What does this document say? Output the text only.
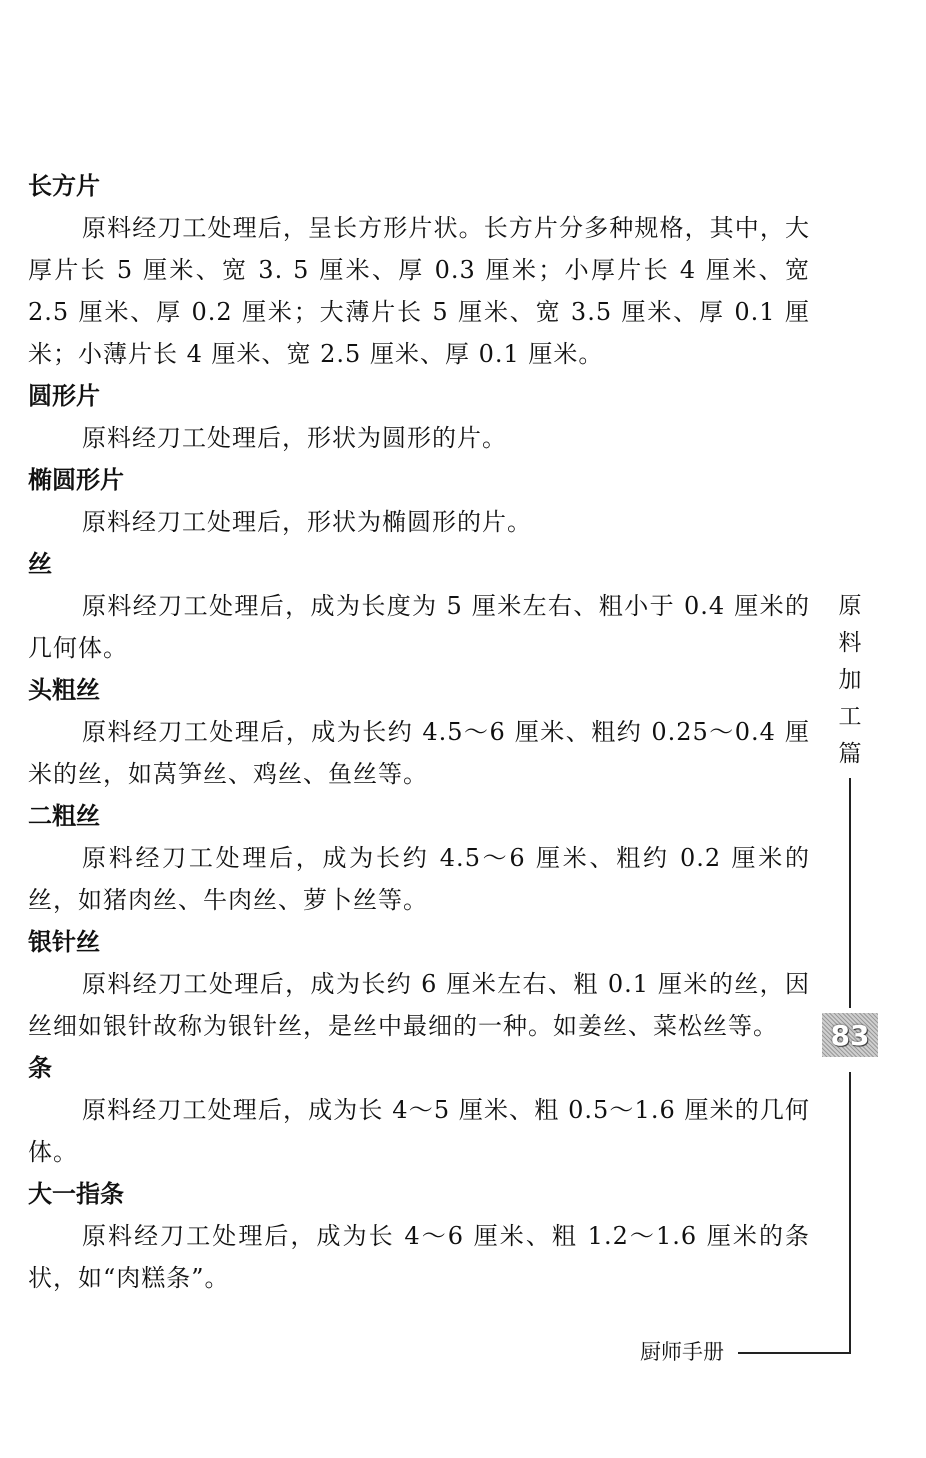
长方片

原料经刀工处理后，呈长方形片状。长方片分多种规格，其中，大厚片长 5 厘米、宽 3. 5 厘米、厚 0.3 厘米；小厚片长 4 厘米、宽 2.5 厘米、厚 0.2 厘米；大薄片长 5 厘米、宽 3.5 厘米、厚 0.1 厘米；小薄片长 4 厘米、宽 2.5 厘米、厚 0.1 厘米。

圆形片

原料经刀工处理后，形状为圆形的片。

椭圆形片

原料经刀工处理后，形状为椭圆形的片。

丝

原料经刀工处理后，成为长度为 5 厘米左右、粗小于 0.4 厘米的几何体。

头粗丝

原料经刀工处理后，成为长约 4.5～6 厘米、粗约 0.25～0.4 厘米的丝，如莴笋丝、鸡丝、鱼丝等。

二粗丝

原料经刀工处理后，成为长约 4.5～6 厘米、粗约 0.2 厘米的丝，如猪肉丝、牛肉丝、萝卜丝等。

银针丝

原料经刀工处理后，成为长约 6 厘米左右、粗 0.1 厘米的丝，因丝细如银针故称为银针丝，是丝中最细的一种。如姜丝、菜松丝等。

条

原料经刀工处理后，成为长 4～5 厘米、粗 0.5～1.6 厘米的几何体。

大一指条

原料经刀工处理后，成为长 4～6 厘米、粗 1.2～1.6 厘米的条状，如“肉糕条”。

原
料
加
工
篇
83
厨师手册
